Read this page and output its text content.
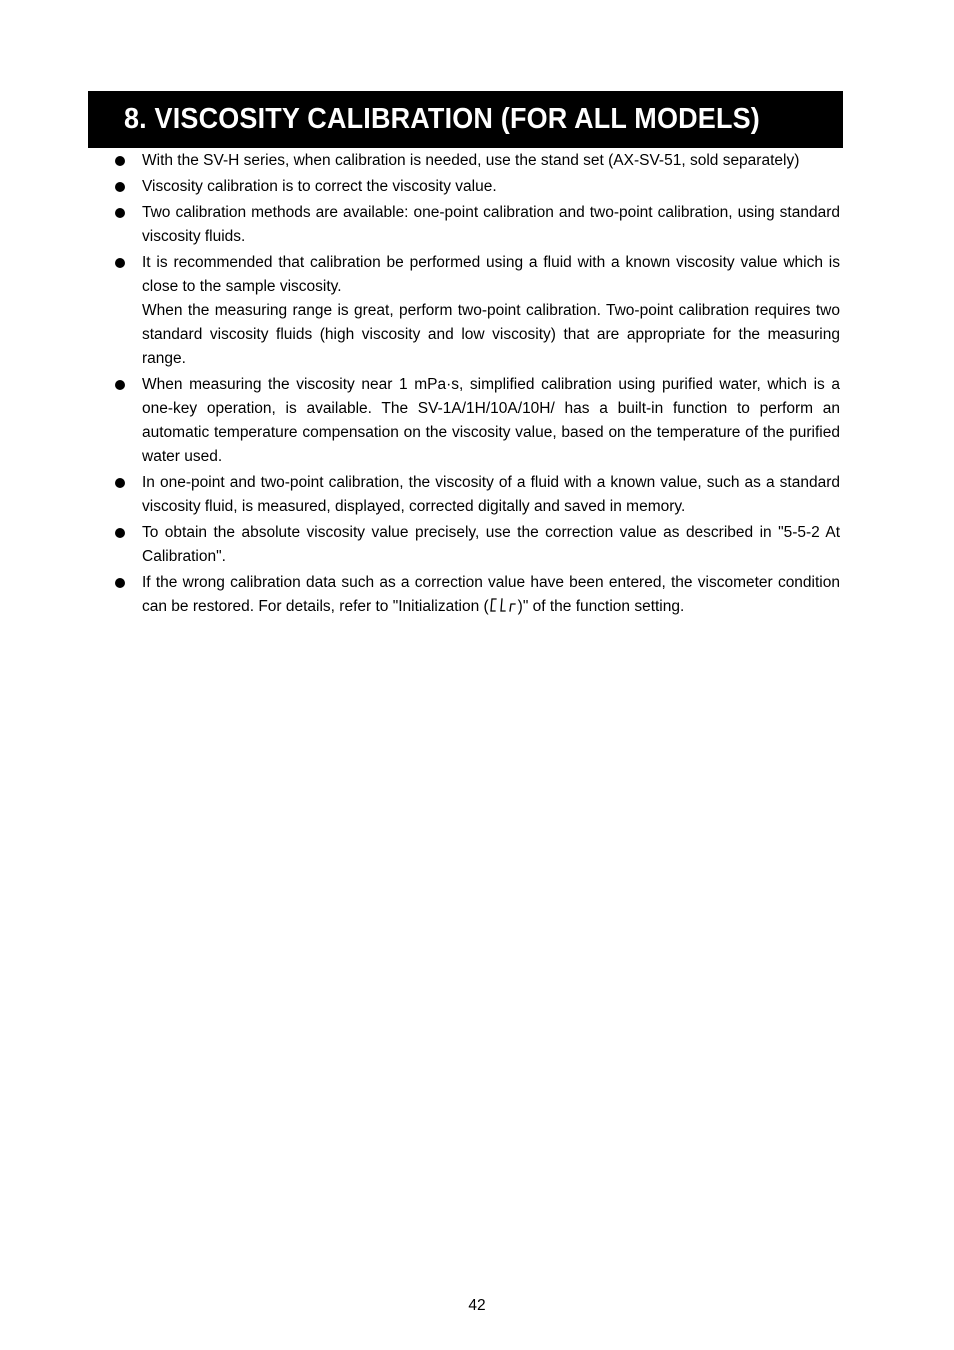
8. VISCOSITY CALIBRATION (FOR ALL MODELS)

With the SV-H series, when calibration is needed, use the stand set (AX-SV-51, sold separately)

Viscosity calibration is to correct the viscosity value.

Two calibration methods are available: one-point calibration and two-point calibration, using standard viscosity fluids.

It is recommended that calibration be performed using a fluid with a known viscosity value which is close to the sample viscosity.

When the measuring range is great, perform two-point calibration. Two-point calibration requires two standard viscosity fluids (high viscosity and low viscosity) that are appropriate for the measuring range.

When measuring the viscosity near 1 mPa·s, simplified calibration using purified water, which is a one-key operation, is available. The SV-1A/1H/10A/10H/ has a built-in function to perform an automatic temperature compensation on the viscosity value, based on the temperature of the purified water used.

In one-point and two-point calibration, the viscosity of a fluid with a known value, such as a standard viscosity fluid, is measured, displayed, corrected digitally and saved in memory.

To obtain the absolute viscosity value precisely, use the correction value as described in "5-5-2 At Calibration".

If the wrong calibration data such as a correction value have been entered, the viscometer condition can be restored. For details, refer to "Initialization ( )" of the function setting.

42
